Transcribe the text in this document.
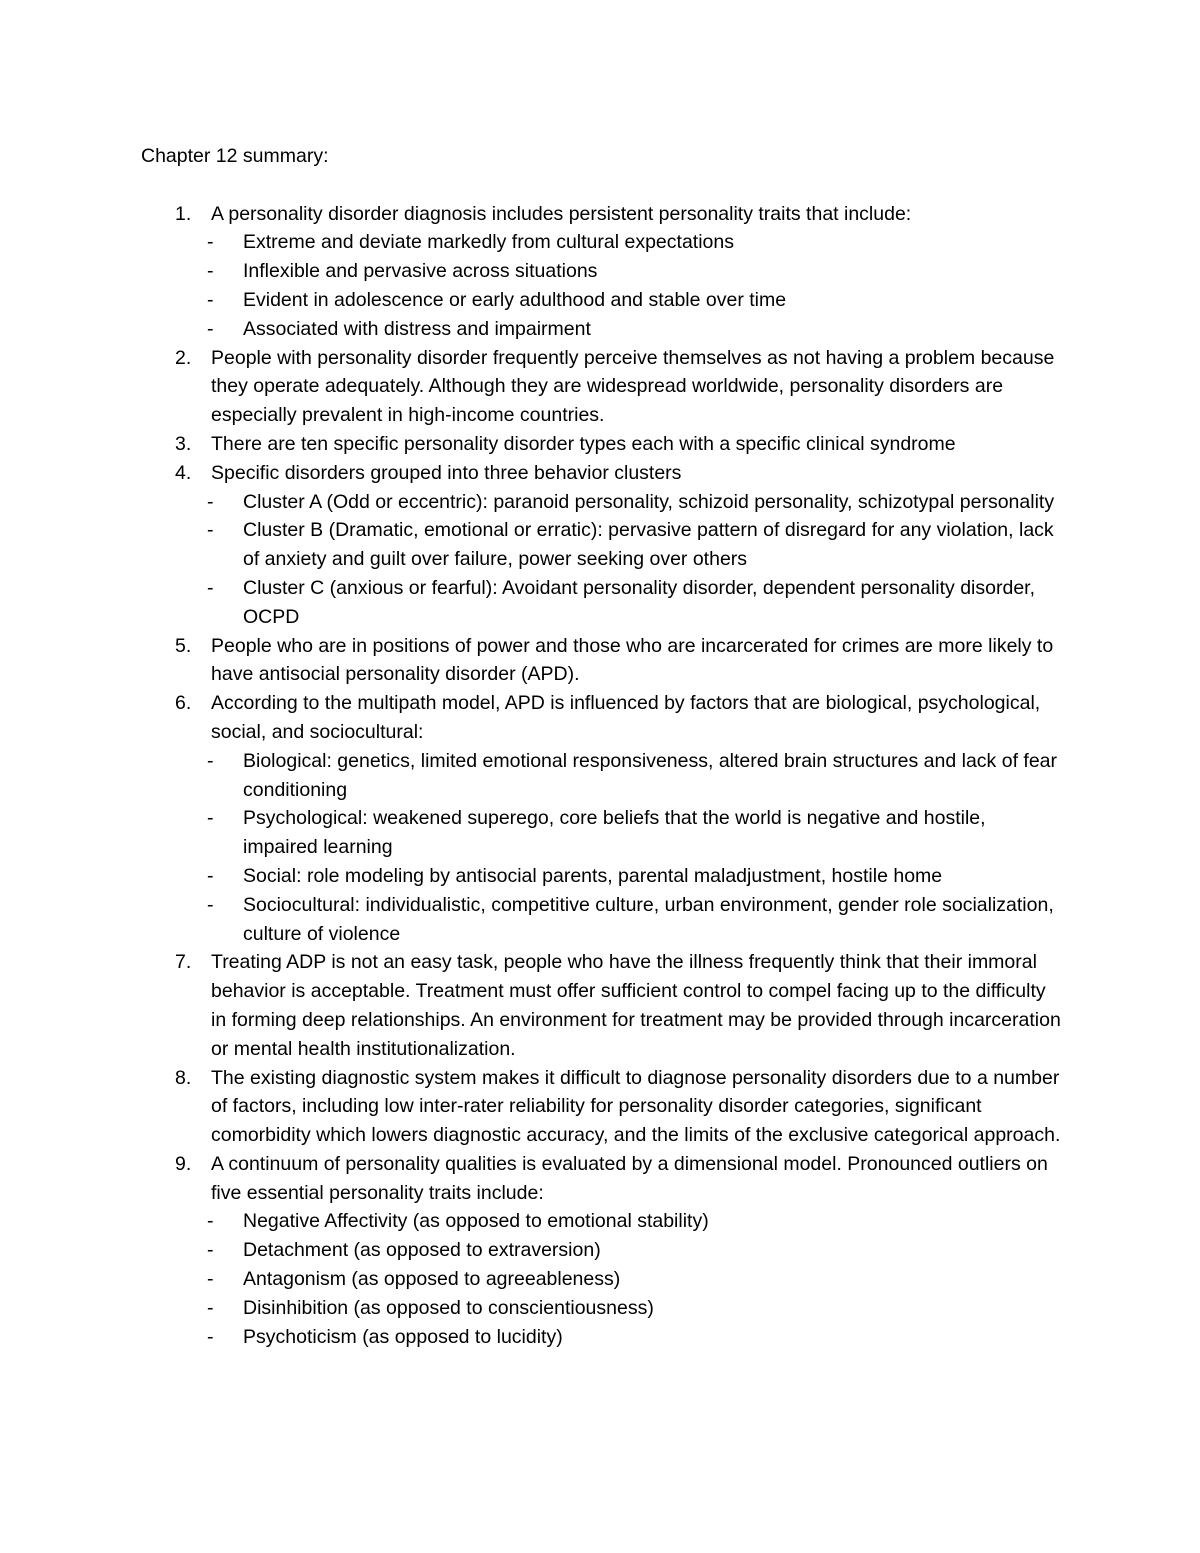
Chapter 12 summary:
1.	A personality disorder diagnosis includes persistent personality traits that include:
-	Extreme and deviate markedly from cultural expectations
-	Inflexible and pervasive across situations
-	Evident in adolescence or early adulthood and stable over time
-	Associated with distress and impairment
2.	People with personality disorder frequently perceive themselves as not having a problem because they operate adequately. Although they are widespread worldwide, personality disorders are especially prevalent in high-income countries.
3.	There are ten specific personality disorder types each with a specific clinical syndrome
4.	Specific disorders grouped into three behavior clusters
-	Cluster A (Odd or eccentric): paranoid personality, schizoid personality, schizotypal personality
-	Cluster B (Dramatic, emotional or erratic): pervasive pattern of disregard for any violation, lack of anxiety and guilt over failure, power seeking over others
-	Cluster C (anxious or fearful): Avoidant personality disorder, dependent personality disorder, OCPD
5.	People who are in positions of power and those who are incarcerated for crimes are more likely to have antisocial personality disorder (APD).
6.	According to the multipath model, APD is influenced by factors that are biological, psychological, social, and sociocultural:
-	Biological: genetics, limited emotional responsiveness, altered brain structures and lack of fear conditioning
-	Psychological: weakened superego, core beliefs that the world is negative and hostile, impaired learning
-	Social: role modeling by antisocial parents, parental maladjustment, hostile home
-	Sociocultural: individualistic, competitive culture, urban environment, gender role socialization, culture of violence
7.	Treating ADP is not an easy task, people who have the illness frequently think that their immoral behavior is acceptable. Treatment must offer sufficient control to compel facing up to the difficulty in forming deep relationships. An environment for treatment may be provided through incarceration or mental health institutionalization.
8.	The existing diagnostic system makes it difficult to diagnose personality disorders due to a number of factors, including low inter-rater reliability for personality disorder categories, significant comorbidity which lowers diagnostic accuracy, and the limits of the exclusive categorical approach.
9.	A continuum of personality qualities is evaluated by a dimensional model. Pronounced outliers on five essential personality traits include:
-	Negative Affectivity (as opposed to emotional stability)
-	Detachment (as opposed to extraversion)
-	Antagonism (as opposed to agreeableness)
-	Disinhibition (as opposed to conscientiousness)
-	Psychoticism (as opposed to lucidity)
